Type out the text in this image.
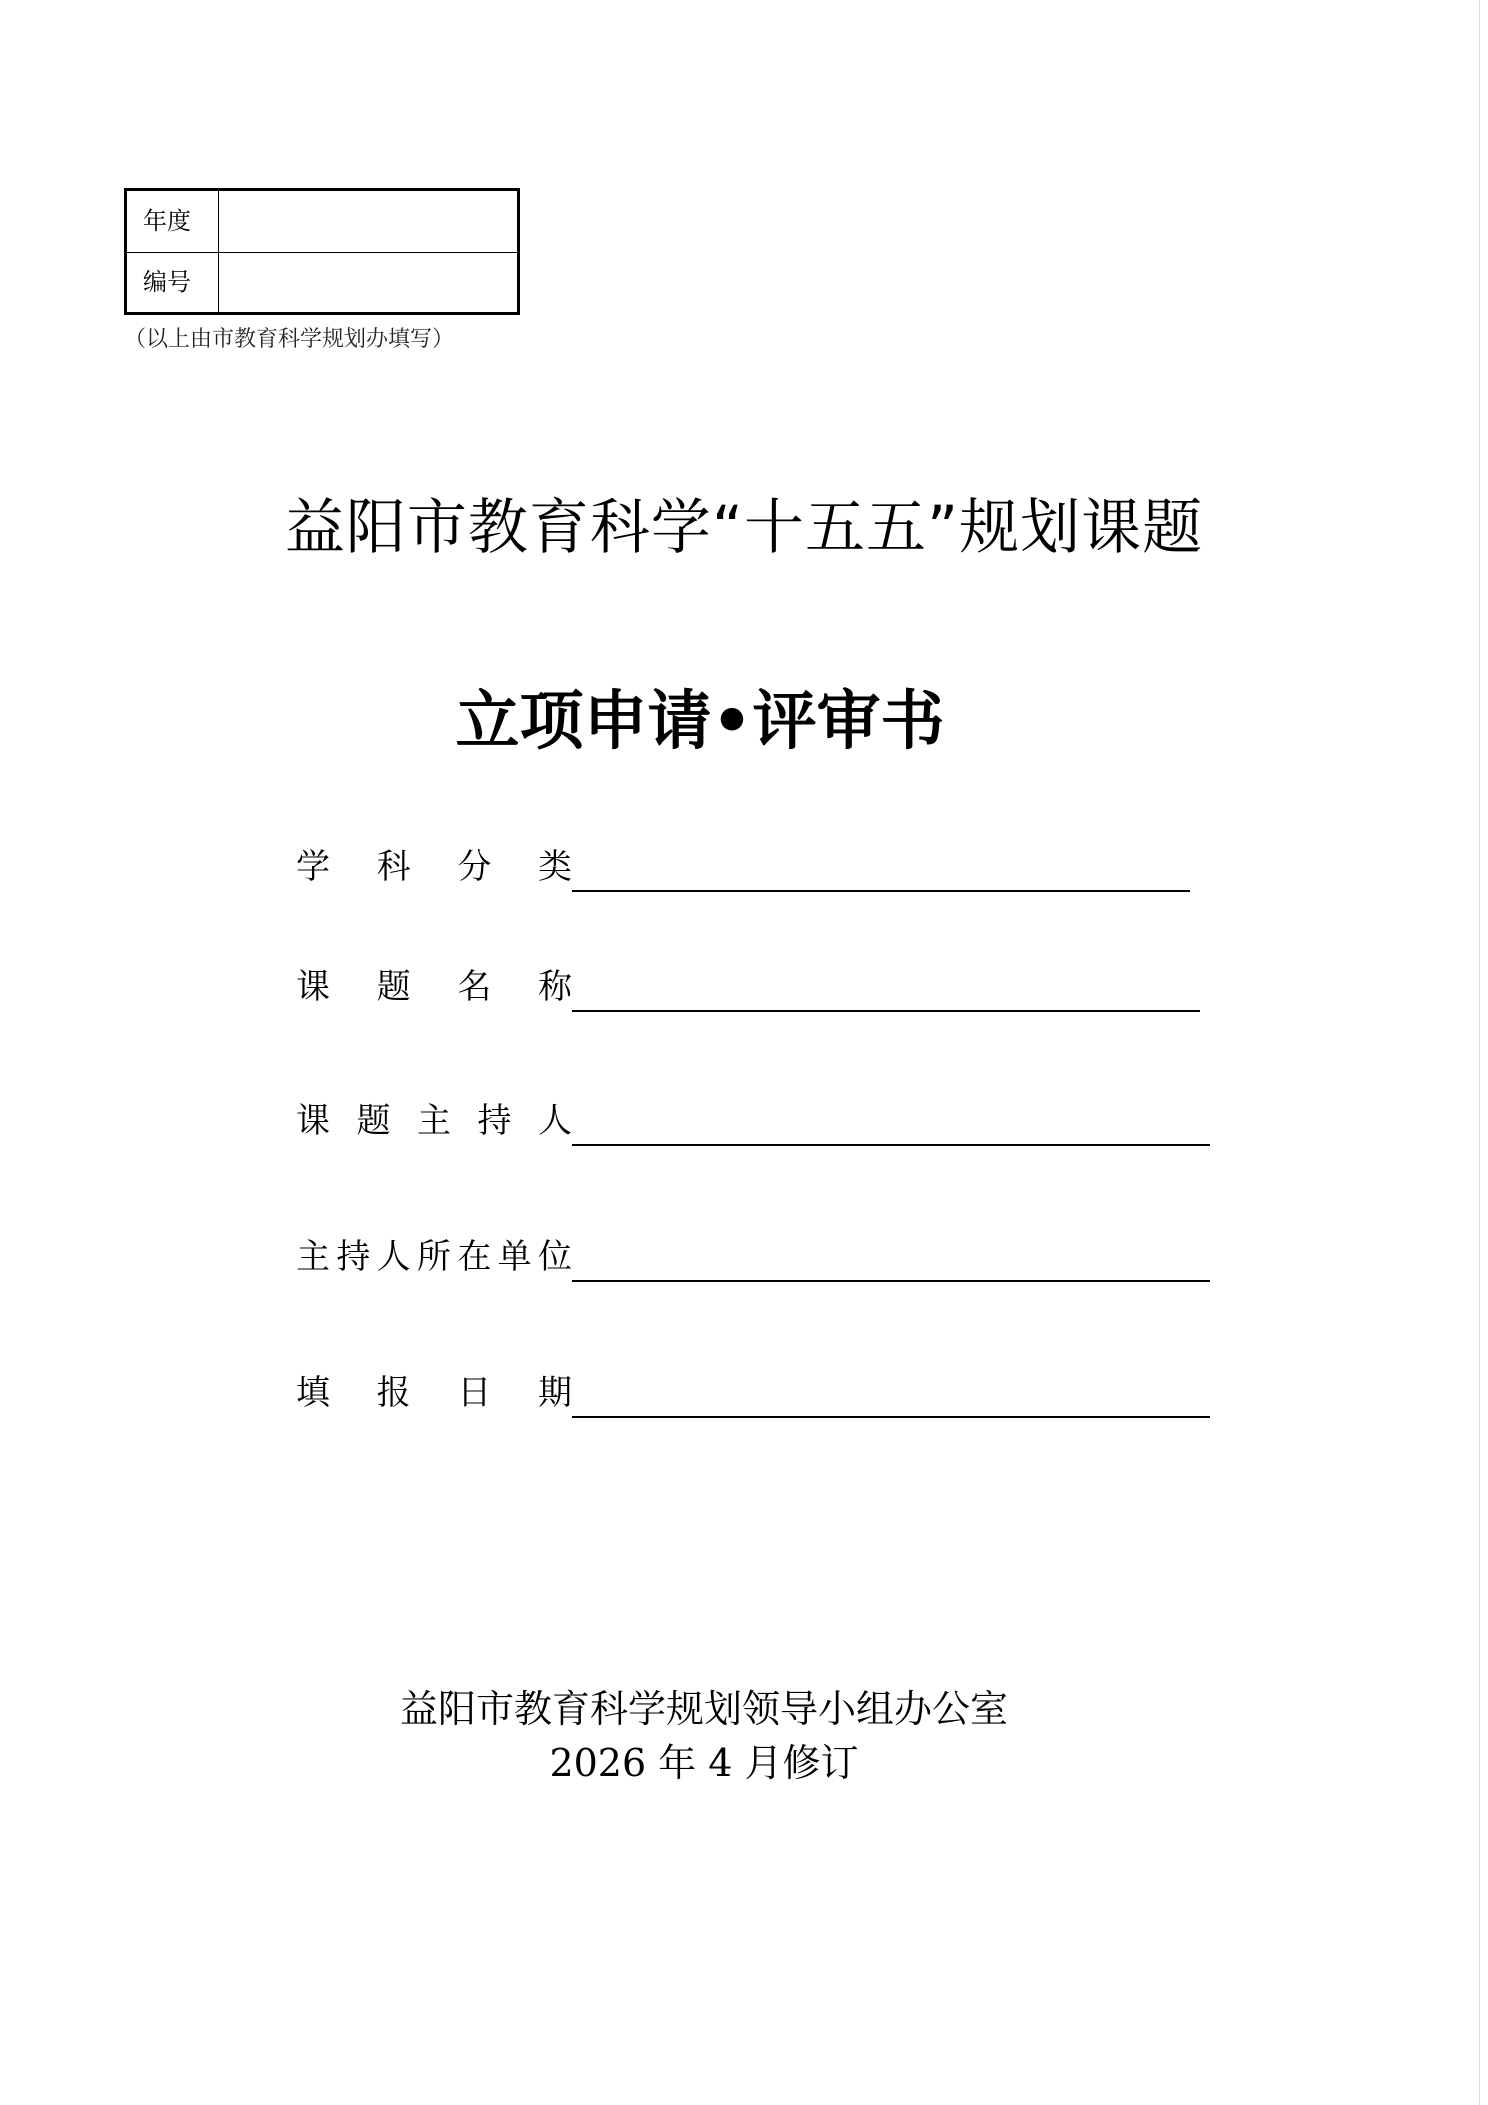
年度
编号
（以上由市教育科学规划办填写）
益阳市教育科学“十五五”规划课题
立项申请•评审书
学 科 分 类
课 题 名 称
课 题 主 持 人
主 持 人 所 在 单 位
填 报 日 期
益阳市教育科学规划领导小组办公室
2026 年 4 月修订
